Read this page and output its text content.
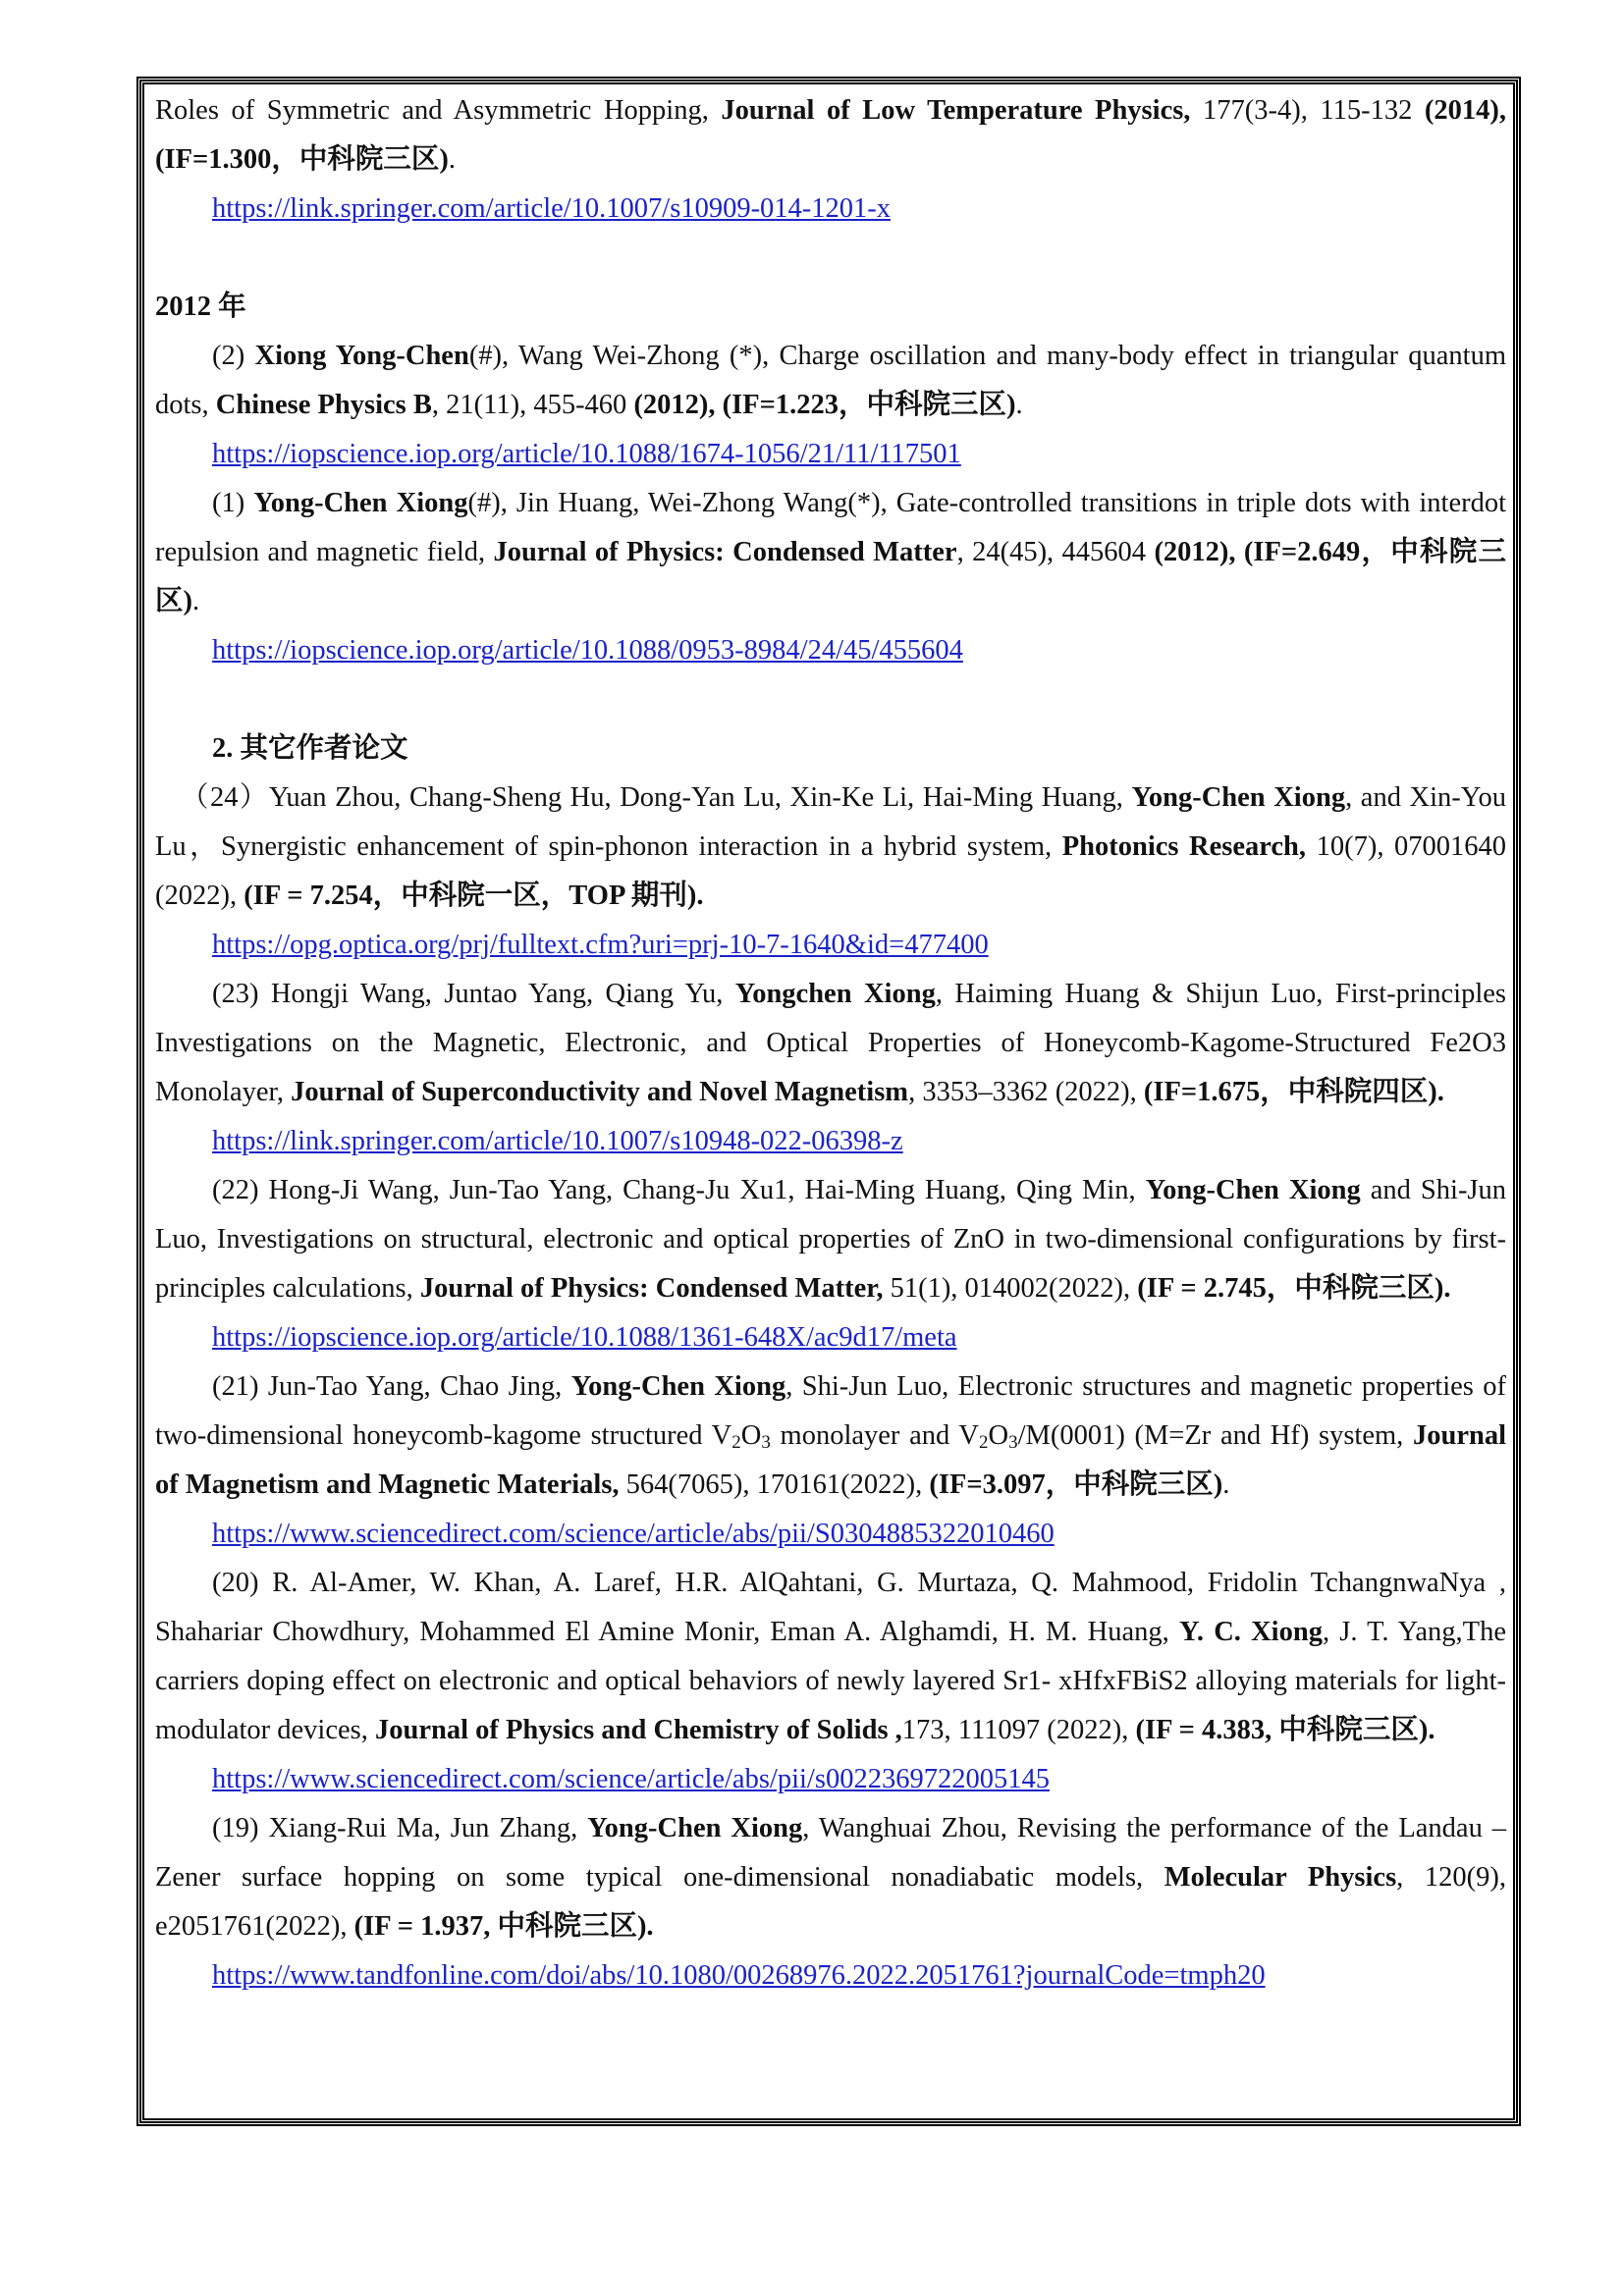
Roles of Symmetric and Asymmetric Hopping, Journal of Low Temperature Physics, 177(3-4), 115-132 (2014), (IF=1.300，中科院三区).

https://link.springer.com/article/10.1007/s10909-014-1201-x

2012 年

(2) Xiong Yong-Chen(#), Wang Wei-Zhong (*), Charge oscillation and many-body effect in triangular quantum dots, Chinese Physics B, 21(11), 455-460 (2012), (IF=1.223，中科院三区).

https://iopscience.iop.org/article/10.1088/1674-1056/21/11/117501

(1) Yong-Chen Xiong(#), Jin Huang, Wei-Zhong Wang(*), Gate-controlled transitions in triple dots with interdot repulsion and magnetic field, Journal of Physics: Condensed Matter, 24(45), 445604 (2012), (IF=2.649，中科院三区).

https://iopscience.iop.org/article/10.1088/0953-8984/24/45/455604

2. 其它作者论文

（24）Yuan Zhou, Chang-Sheng Hu, Dong-Yan Lu, Xin-Ke Li, Hai-Ming Huang, Yong-Chen Xiong, and Xin-You Lu，Synergistic enhancement of spin-phonon interaction in a hybrid system, Photonics Research, 10(7), 07001640 (2022), (IF = 7.254，中科院一区，TOP 期刊).

https://opg.optica.org/prj/fulltext.cfm?uri=prj-10-7-1640&id=477400

(23) Hongji Wang, Juntao Yang, Qiang Yu, Yongchen Xiong, Haiming Huang & Shijun Luo, First-principles Investigations on the Magnetic, Electronic, and Optical Properties of Honeycomb-Kagome-Structured Fe2O3 Monolayer, Journal of Superconductivity and Novel Magnetism, 3353–3362 (2022), (IF=1.675，中科院四区).

https://link.springer.com/article/10.1007/s10948-022-06398-z

(22) Hong-Ji Wang, Jun-Tao Yang, Chang-Ju Xu1, Hai-Ming Huang, Qing Min, Yong-Chen Xiong and Shi-Jun Luo, Investigations on structural, electronic and optical properties of ZnO in two-dimensional configurations by first-principles calculations, Journal of Physics: Condensed Matter, 51(1), 014002(2022), (IF = 2.745，中科院三区).

https://iopscience.iop.org/article/10.1088/1361-648X/ac9d17/meta

(21) Jun-Tao Yang, Chao Jing, Yong-Chen Xiong, Shi-Jun Luo, Electronic structures and magnetic properties of two-dimensional honeycomb-kagome structured $V_2O_3$ monolayer and $V_2O_3/M(0001)$ (M=Zr and Hf) system, Journal of Magnetism and Magnetic Materials, 564(7065), 170161(2022), (IF=3.097，中科院三区).

https://www.sciencedirect.com/science/article/abs/pii/S0304885322010460

(20) R. Al-Amer, W. Khan, A. Laref, H.R. AlQahtani, G. Murtaza, Q. Mahmood, Fridolin TchangnwaNya , Shahariar Chowdhury, Mohammed El Amine Monir, Eman A. Alghamdi, H. M. Huang, Y. C. Xiong, J. T. Yang,The carriers doping effect on electronic and optical behaviors of newly layered Sr1- xHfxFBiS2 alloying materials for light-modulator devices, Journal of Physics and Chemistry of Solids ,173, 111097 (2022), (IF = 4.383, 中科院三区).

https://www.sciencedirect.com/science/article/abs/pii/s0022369722005145

(19) Xiang-Rui Ma, Jun Zhang, Yong-Chen Xiong, Wanghuai Zhou, Revising the performance of the Landau –Zener surface hopping on some typical one-dimensional nonadiabatic models, Molecular Physics, 120(9), e2051761(2022), (IF = 1.937, 中科院三区).

https://www.tandfonline.com/doi/abs/10.1080/00268976.2022.2051761?journalCode=tmph20
